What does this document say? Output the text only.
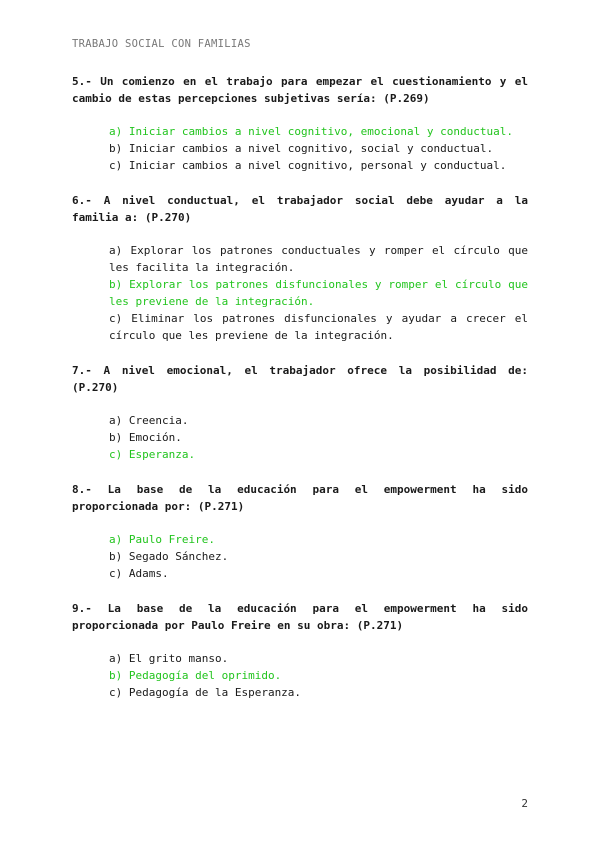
TRABAJO SOCIAL CON FAMILIAS
5.- Un comienzo en el trabajo para empezar el cuestionamiento y el cambio de estas percepciones subjetivas sería: (P.269)
a) Iniciar cambios a nivel cognitivo, emocional y conductual.
b) Iniciar cambios a nivel cognitivo, social y conductual.
c) Iniciar cambios a nivel cognitivo, personal y conductual.
6.- A nivel conductual, el trabajador social debe ayudar a la familia a: (P.270)
a) Explorar los patrones conductuales y romper el círculo que les facilita la integración.
b) Explorar los patrones disfuncionales y romper el círculo que les previene de la integración.
c) Eliminar los patrones disfuncionales y ayudar a crecer el círculo que les previene de la integración.
7.- A nivel emocional, el trabajador ofrece la posibilidad de: (P.270)
a) Creencia.
b) Emoción.
c) Esperanza.
8.- La base de la educación para el empowerment ha sido proporcionada por: (P.271)
a) Paulo Freire.
b) Segado Sánchez.
c) Adams.
9.- La base de la educación para el empowerment ha sido proporcionada por Paulo Freire en su obra: (P.271)
a) El grito manso.
b) Pedagogía del oprimido.
c) Pedagogía de la Esperanza.
2
